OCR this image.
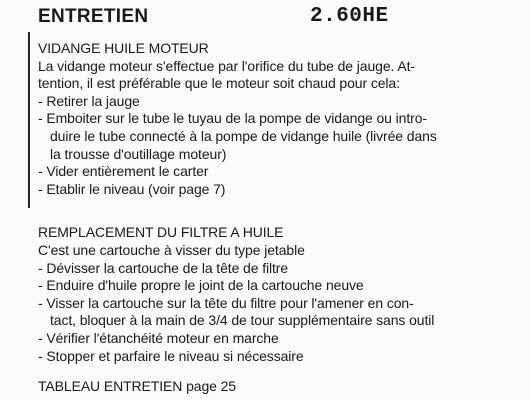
ENTRETIEN	2.60HE
VIDANGE HUILE MOTEUR
La vidange moteur s'effectue par l'orifice du tube de jauge. At-
tention, il est préférable que le moteur soit chaud pour cela:
- Retirer la jauge
- Emboiter sur le tube le tuyau de la pompe de vidange ou intro-
duire le tube connecté à la pompe de vidange huile (livrée dans
la trousse d'outillage moteur)
- Vider entièrement le carter
- Etablir le niveau (voir page 7)
REMPLACEMENT DU FILTRE A HUILE
C'est une cartouche à visser du type jetable
- Dévisser la cartouche de la tête de filtre
- Enduire d'huile propre le joint de la cartouche neuve
- Visser la cartouche sur la tête du filtre pour l'amener en con-
tact, bloquer à la main de 3/4 de tour supplémentaire sans outil
- Vérifier l'étanchéité moteur en marche
- Stopper et parfaire le niveau si nécessaire
TABLEAU ENTRETIEN page 25
